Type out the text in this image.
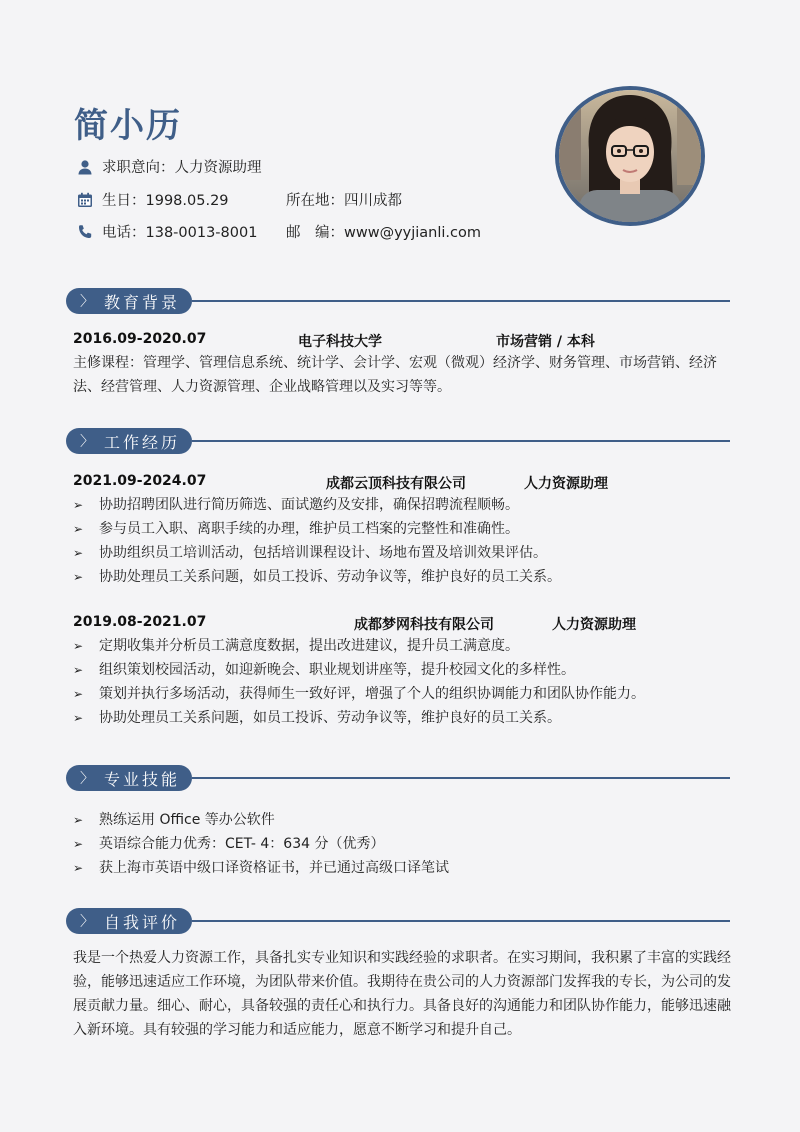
简小历
求职意向：人力资源助理
生日：1998.05.29	所在地：四川成都
电话：138-0013-8001 邮　编：www@yyjianli.com
〉 教育背景
2016.09-2020.07	电子科技大学	市场营销 / 本科
主修课程：管理学、管理信息系统、统计学、会计学、宏观（微观）经济学、财务管理、市场营销、经济法、经营管理、人力资源管理、企业战略管理以及实习等等。
〉 工作经历
2021.09-2024.07	成都云顶科技有限公司	人力资源助理
➢	协助招聘团队进行简历筛选、面试邀约及安排，确保招聘流程顺畅。
➢	参与员工入职、离职手续的办理，维护员工档案的完整性和准确性。
➢	协助组织员工培训活动，包括培训课程设计、场地布置及培训效果评估。
➢	协助处理员工关系问题，如员工投诉、劳动争议等，维护良好的员工关系。
2019.08-2021.07	成都梦网科技有限公司	人力资源助理
➢	定期收集并分析员工满意度数据，提出改进建议，提升员工满意度。
➢	组织策划校园活动，如迎新晚会、职业规划讲座等，提升校园文化的多样性。
➢	策划并执行多场活动，获得师生一致好评，增强了个人的组织协调能力和团队协作能力。
➢	协助处理员工关系问题，如员工投诉、劳动争议等，维护良好的员工关系。
〉 专业技能
➢	熟练运用 Office 等办公软件
➢	英语综合能力优秀：CET- 4：634 分（优秀）
➢	获上海市英语中级口译资格证书，并已通过高级口译笔试
〉 自我评价
我是一个热爱人力资源工作，具备扎实专业知识和实践经验的求职者。在实习期间，我积累了丰富的实践经验，能够迅速适应工作环境，为团队带来价值。我期待在贵公司的人力资源部门发挥我的专长，为公司的发展贡献力量。细心、耐心，具备较强的责任心和执行力。具备良好的沟通能力和团队协作能力，能够迅速融入新环境。具有较强的学习能力和适应能力，愿意不断学习和提升自己。
